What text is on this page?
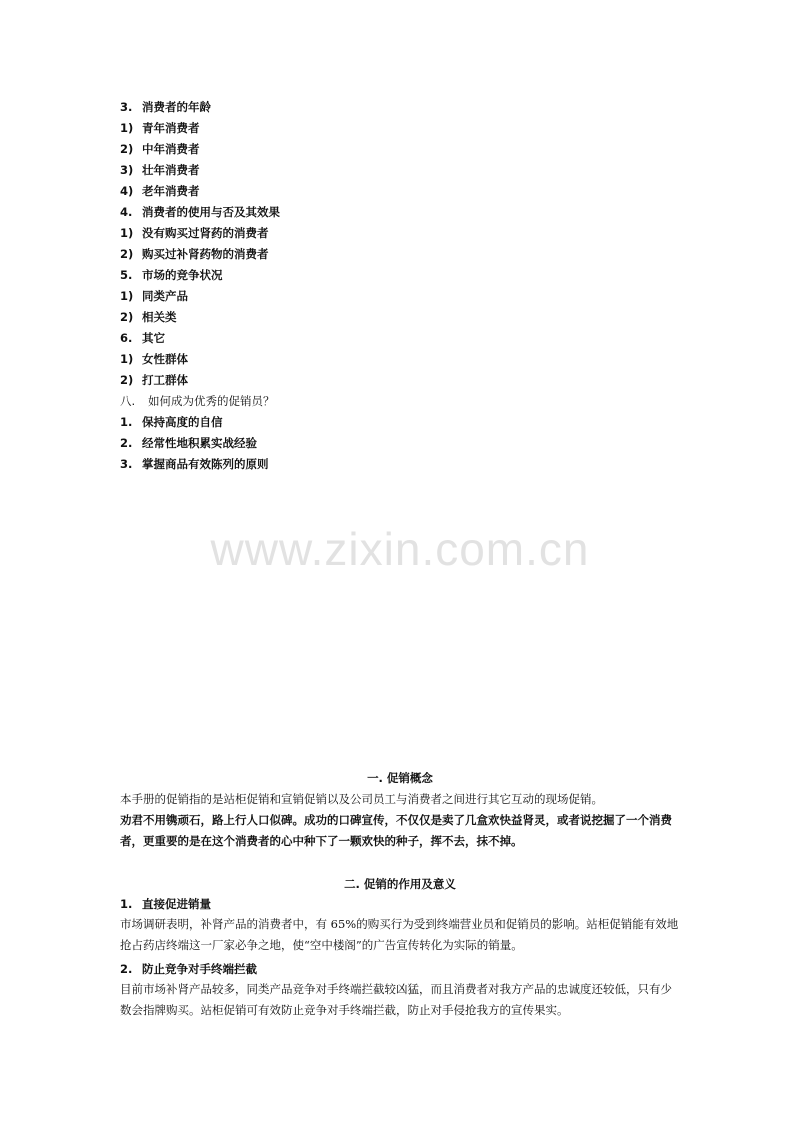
3. 消费者的年龄
1) 青年消费者
2) 中年消费者
3) 壮年消费者
4) 老年消费者
4. 消费者的使用与否及其效果
1) 没有购买过肾药的消费者
2) 购买过补肾药物的消费者
5. 市场的竞争状况
1) 同类产品
2) 相关类
6. 其它
1) 女性群体
2) 打工群体
八. 如何成为优秀的促销员？
1. 保持高度的自信
2. 经常性地积累实战经验
3. 掌握商品有效陈列的原则
www.zixin.com.cn
一. 促销概念
本手册的促销指的是站柜促销和宣销促销以及公司员工与消费者之间进行其它互动的现场促销。
劝君不用镌顽石，路上行人口似碑。成功的口碑宣传，不仅仅是卖了几盒欢快益肾灵，或者说挖掘了一个消费者，更重要的是在这个消费者的心中种下了一颗欢快的种子，挥不去，抹不掉。
二. 促销的作用及意义
1. 直接促进销量
市场调研表明，补肾产品的消费者中，有 65%的购买行为受到终端营业员和促销员的影响。站柜促销能有效地抢占药店终端这一厂家必争之地，使“空中楼阁”的广告宣传转化为实际的销量。
2. 防止竞争对手终端拦截
目前市场补肾产品较多，同类产品竞争对手终端拦截较凶猛，而且消费者对我方产品的忠诚度还较低，只有少数会指牌购买。站柜促销可有效防止竞争对手终端拦截，防止对手侵抢我方的宣传果实。
